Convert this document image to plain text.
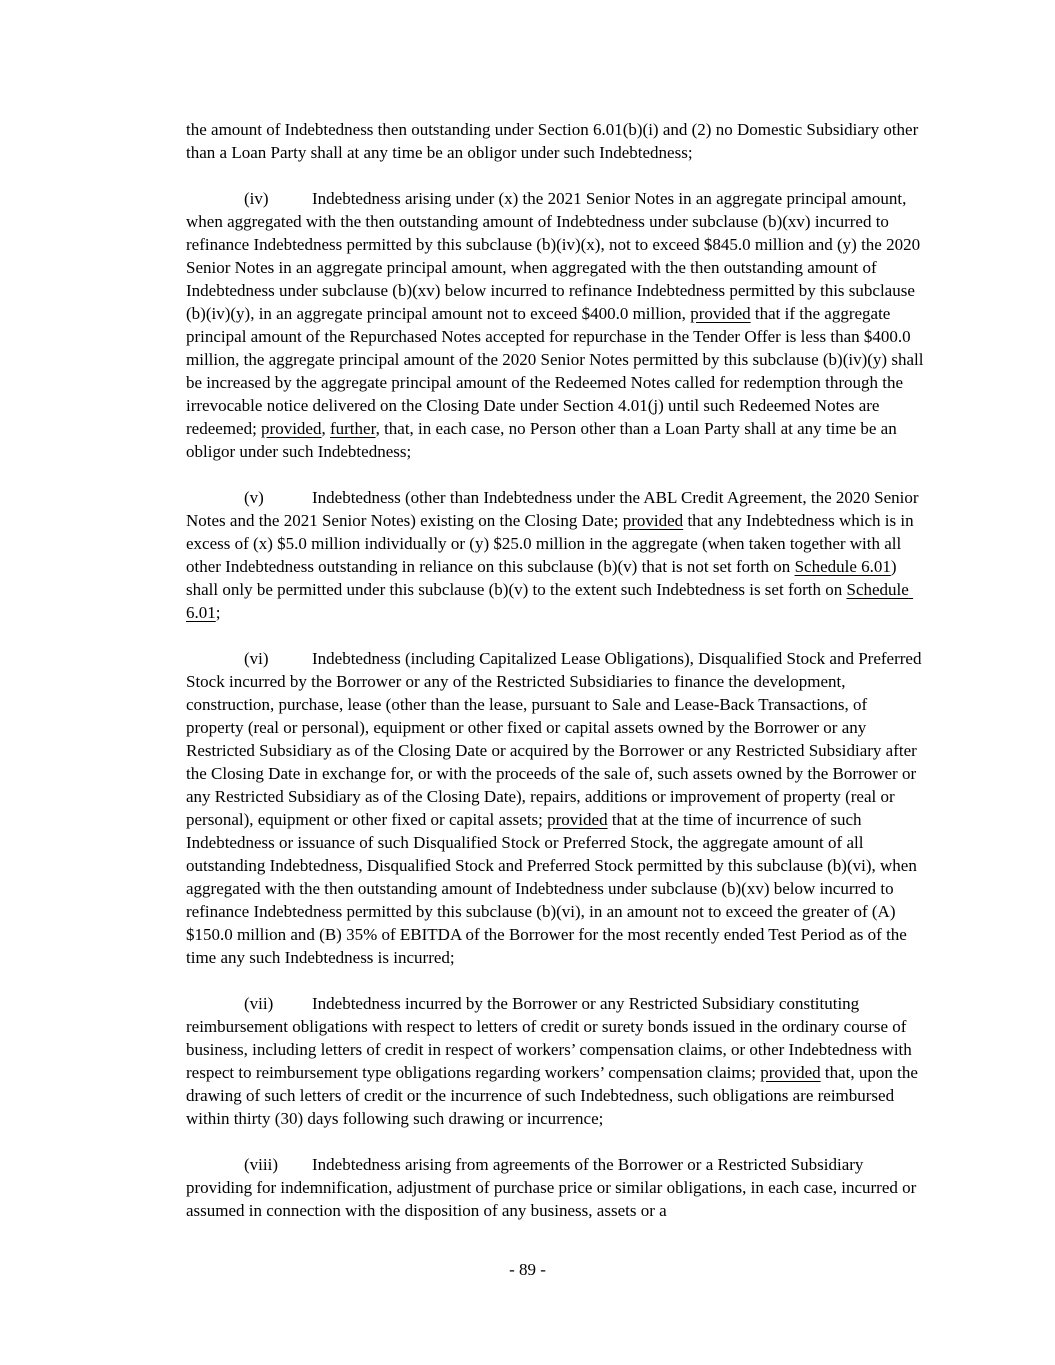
the amount of Indebtedness then outstanding under Section 6.01(b)(i) and (2) no Domestic Subsidiary other than a Loan Party shall at any time be an obligor under such Indebtedness;

(iv)	Indebtedness arising under (x) the 2021 Senior Notes in an aggregate principal amount, when aggregated with the then outstanding amount of Indebtedness under subclause (b)(xv) incurred to refinance Indebtedness permitted by this subclause (b)(iv)(x), not to exceed $845.0 million and (y) the 2020 Senior Notes in an aggregate principal amount, when aggregated with the then outstanding amount of Indebtedness under subclause (b)(xv) below incurred to refinance Indebtedness permitted by this subclause (b)(iv)(y), in an aggregate principal amount not to exceed $400.0 million, provided that if the aggregate principal amount of the Repurchased Notes accepted for repurchase in the Tender Offer is less than $400.0 million, the aggregate principal amount of the 2020 Senior Notes permitted by this subclause (b)(iv)(y) shall be increased by the aggregate principal amount of the Redeemed Notes called for redemption through the irrevocable notice delivered on the Closing Date under Section 4.01(j) until such Redeemed Notes are redeemed; provided, further, that, in each case, no Person other than a Loan Party shall at any time be an obligor under such Indebtedness;

(v)	Indebtedness (other than Indebtedness under the ABL Credit Agreement, the 2020 Senior Notes and the 2021 Senior Notes) existing on the Closing Date; provided that any Indebtedness which is in excess of (x) $5.0 million individually or (y) $25.0 million in the aggregate (when taken together with all other Indebtedness outstanding in reliance on this subclause (b)(v) that is not set forth on Schedule 6.01) shall only be permitted under this subclause (b)(v) to the extent such Indebtedness is set forth on Schedule 6.01;

(vi)	Indebtedness (including Capitalized Lease Obligations), Disqualified Stock and Preferred Stock incurred by the Borrower or any of the Restricted Subsidiaries to finance the development, construction, purchase, lease (other than the lease, pursuant to Sale and Lease-Back Transactions, of property (real or personal), equipment or other fixed or capital assets owned by the Borrower or any Restricted Subsidiary as of the Closing Date or acquired by the Borrower or any Restricted Subsidiary after the Closing Date in exchange for, or with the proceeds of the sale of, such assets owned by the Borrower or any Restricted Subsidiary as of the Closing Date), repairs, additions or improvement of property (real or personal), equipment or other fixed or capital assets; provided that at the time of incurrence of such Indebtedness or issuance of such Disqualified Stock or Preferred Stock, the aggregate amount of all outstanding Indebtedness, Disqualified Stock and Preferred Stock permitted by this subclause (b)(vi), when aggregated with the then outstanding amount of Indebtedness under subclause (b)(xv) below incurred to refinance Indebtedness permitted by this subclause (b)(vi), in an amount not to exceed the greater of (A) $150.0 million and (B) 35% of EBITDA of the Borrower for the most recently ended Test Period as of the time any such Indebtedness is incurred;

(vii)	Indebtedness incurred by the Borrower or any Restricted Subsidiary constituting reimbursement obligations with respect to letters of credit or surety bonds issued in the ordinary course of business, including letters of credit in respect of workers’ compensation claims, or other Indebtedness with respect to reimbursement type obligations regarding workers’ compensation claims; provided that, upon the drawing of such letters of credit or the incurrence of such Indebtedness, such obligations are reimbursed within thirty (30) days following such drawing or incurrence;

(viii)	Indebtedness arising from agreements of the Borrower or a Restricted Subsidiary providing for indemnification, adjustment of purchase price or similar obligations, in each case, incurred or assumed in connection with the disposition of any business, assets or a

- 89 -
